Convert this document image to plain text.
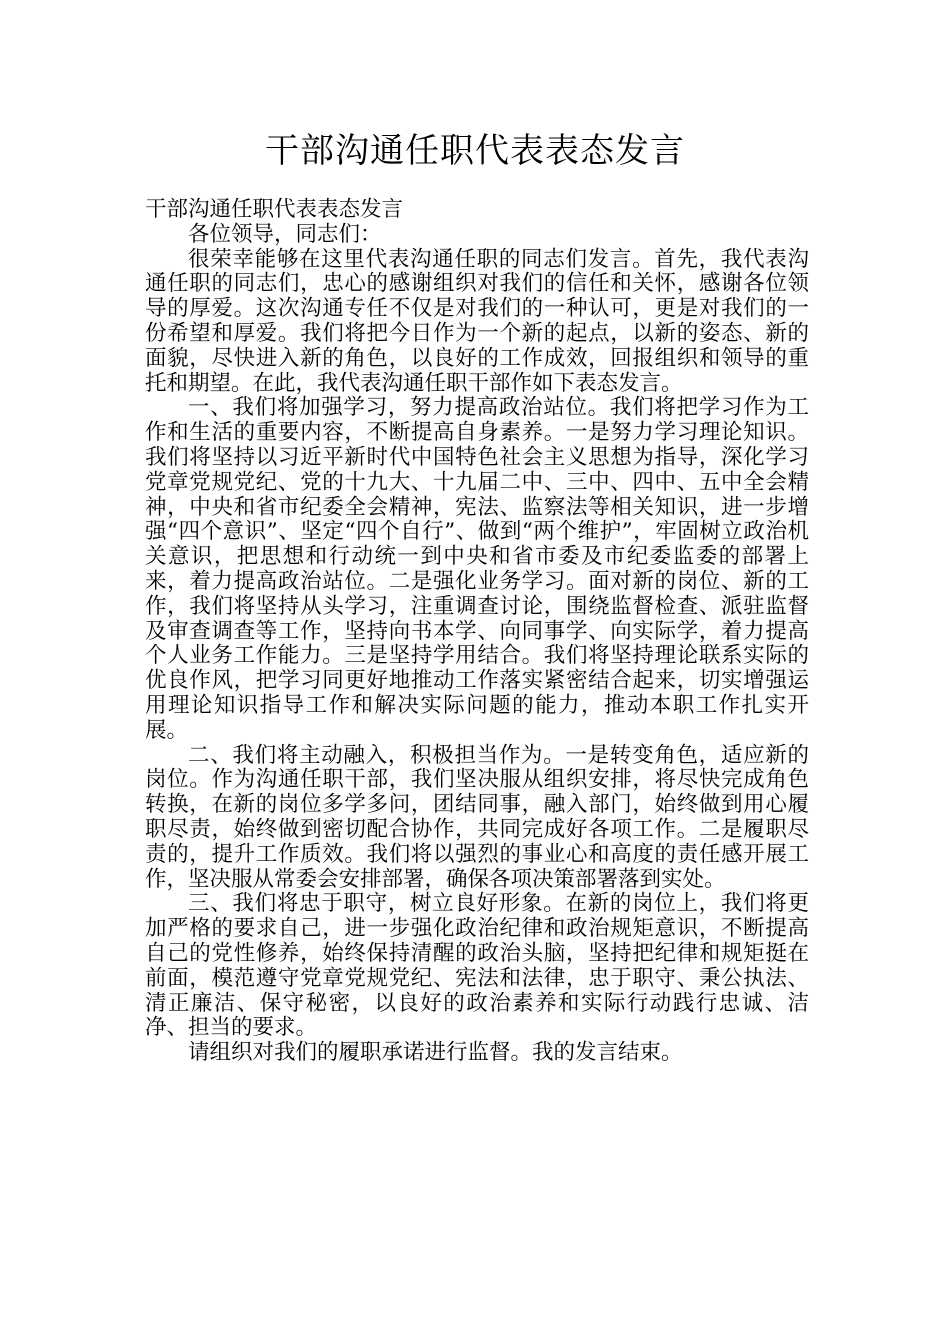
干部沟通任职代表表态发言

干部沟通任职代表表态发言

各位领导，同志们：

很荣幸能够在这里代表沟通任职的同志们发言。首先，我代表沟通任职的同志们，忠心的感谢组织对我们的信任和关怀，感谢各位领导的厚爱。这次沟通专任不仅是对我们的一种认可，更是对我们的一份希望和厚爱。我们将把今日作为一个新的起点，以新的姿态、新的面貌，尽快进入新的角色，以良好的工作成效，回报组织和领导的重托和期望。在此，我代表沟通任职干部作如下表态发言。

一、我们将加强学习，努力提高政治站位。我们将把学习作为工作和生活的重要内容，不断提高自身素养。一是努力学习理论知识。我们将坚持以习近平新时代中国特色社会主义思想为指导，深化学习党章党规党纪、党的十九大、十九届二中、三中、四中、五中全会精神，中央和省市纪委全会精神，宪法、监察法等相关知识，进一步增强“四个意识”、坚定“四个自行”、做到“两个维护”，牢固树立政治机关意识，把思想和行动统一到中央和省市委及市纪委监委的部署上来，着力提高政治站位。二是强化业务学习。面对新的岗位、新的工作，我们将坚持从头学习，注重调查讨论，围绕监督检查、派驻监督及审查调查等工作，坚持向书本学、向同事学、向实际学，着力提高个人业务工作能力。三是坚持学用结合。我们将坚持理论联系实际的优良作风，把学习同更好地推动工作落实紧密结合起来，切实增强运用理论知识指导工作和解决实际问题的能力，推动本职工作扎实开展。

二、我们将主动融入，积极担当作为。一是转变角色，适应新的岗位。作为沟通任职干部，我们坚决服从组织安排，将尽快完成角色转换，在新的岗位多学多问，团结同事，融入部门，始终做到用心履职尽责，始终做到密切配合协作，共同完成好各项工作。二是履职尽责的，提升工作质效。我们将以强烈的事业心和高度的责任感开展工作，坚决服从常委会安排部署，确保各项决策部署落到实处。

三、我们将忠于职守，树立良好形象。在新的岗位上，我们将更加严格的要求自己，进一步强化政治纪律和政治规矩意识，不断提高自己的党性修养，始终保持清醒的政治头脑，坚持把纪律和规矩挺在前面，模范遵守党章党规党纪、宪法和法律，忠于职守、秉公执法、清正廉洁、保守秘密，以良好的政治素养和实际行动践行忠诚、洁净、担当的要求。

请组织对我们的履职承诺进行监督。我的发言结束。
